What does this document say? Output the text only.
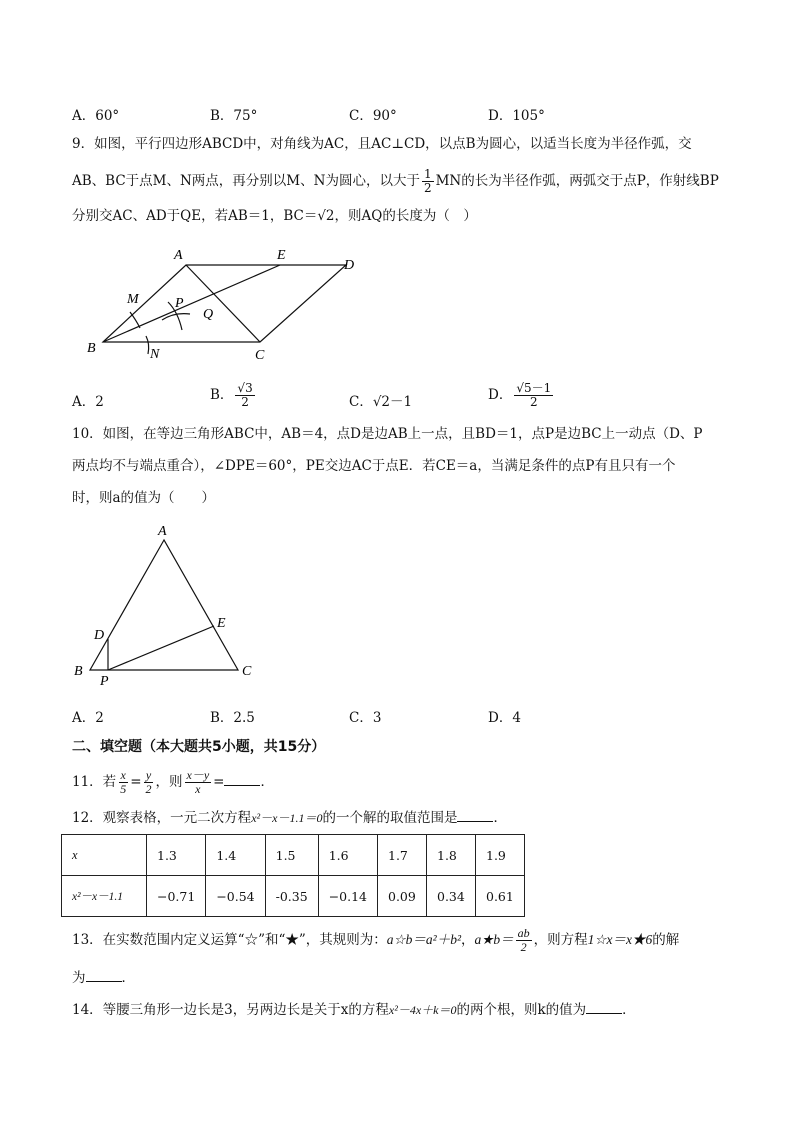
A．60°	B．75°	C．90°	D．105°
9．如图，平行四边形ABCD中，对角线为AC，且AC⊥CD，以点B为圆心，以适当长度为半径作弧，交
AB、BC于点M、N两点，再分别以M、N为圆心，以大于 $\frac{1}{2}$ MN的长为半径作弧，两弧交于点P，作射线BP
分别交AC、AD于QE，若AB＝1，BC＝√2，则AQ的长度为（　）
A	E
D
M	P
Q
B	N	C
A．2	B． $\frac{√3}{2}$	C．√2－1	D． $\frac{√5-1}{2}$
10．如图，在等边三角形ABC中，AB＝4，点D是边AB上一点，且BD＝1，点P是边BC上一动点（D、P
两点均不与端点重合），∠DPE＝60°，PE交边AC于点E．若CE＝a，当满足条件的点P有且只有一个
时，则a的值为（　　）
A
D
E
B
P
C
A．2	B．2.5	C．3	D．4
二、填空题（本大题共5小题，共15分）
11．若 $\frac{x}{5} = \frac{y}{2}$ ，则 $\frac{x-y}{x}$ =	．
12．观察表格，一元二次方程x²－x－1.1＝0的一个解的取值范围是	．
x	1.3	1.4	1.5	1.6	1.7	1.8	1.9
x²－x－1.1	−0.71	−0.54	-0.35	−0.14	0.09	0.34	0.61
13．在实数范围内定义运算“☆”和“★”，其规则为：a☆b＝a²＋b²，a★b＝ $\frac{ab}{2}$ ，则方程1☆x＝x★6的解
为	．
14．等腰三角形一边长是3，另两边长是关于x的方程x²－4x＋k＝0的两个根，则k的值为	．
